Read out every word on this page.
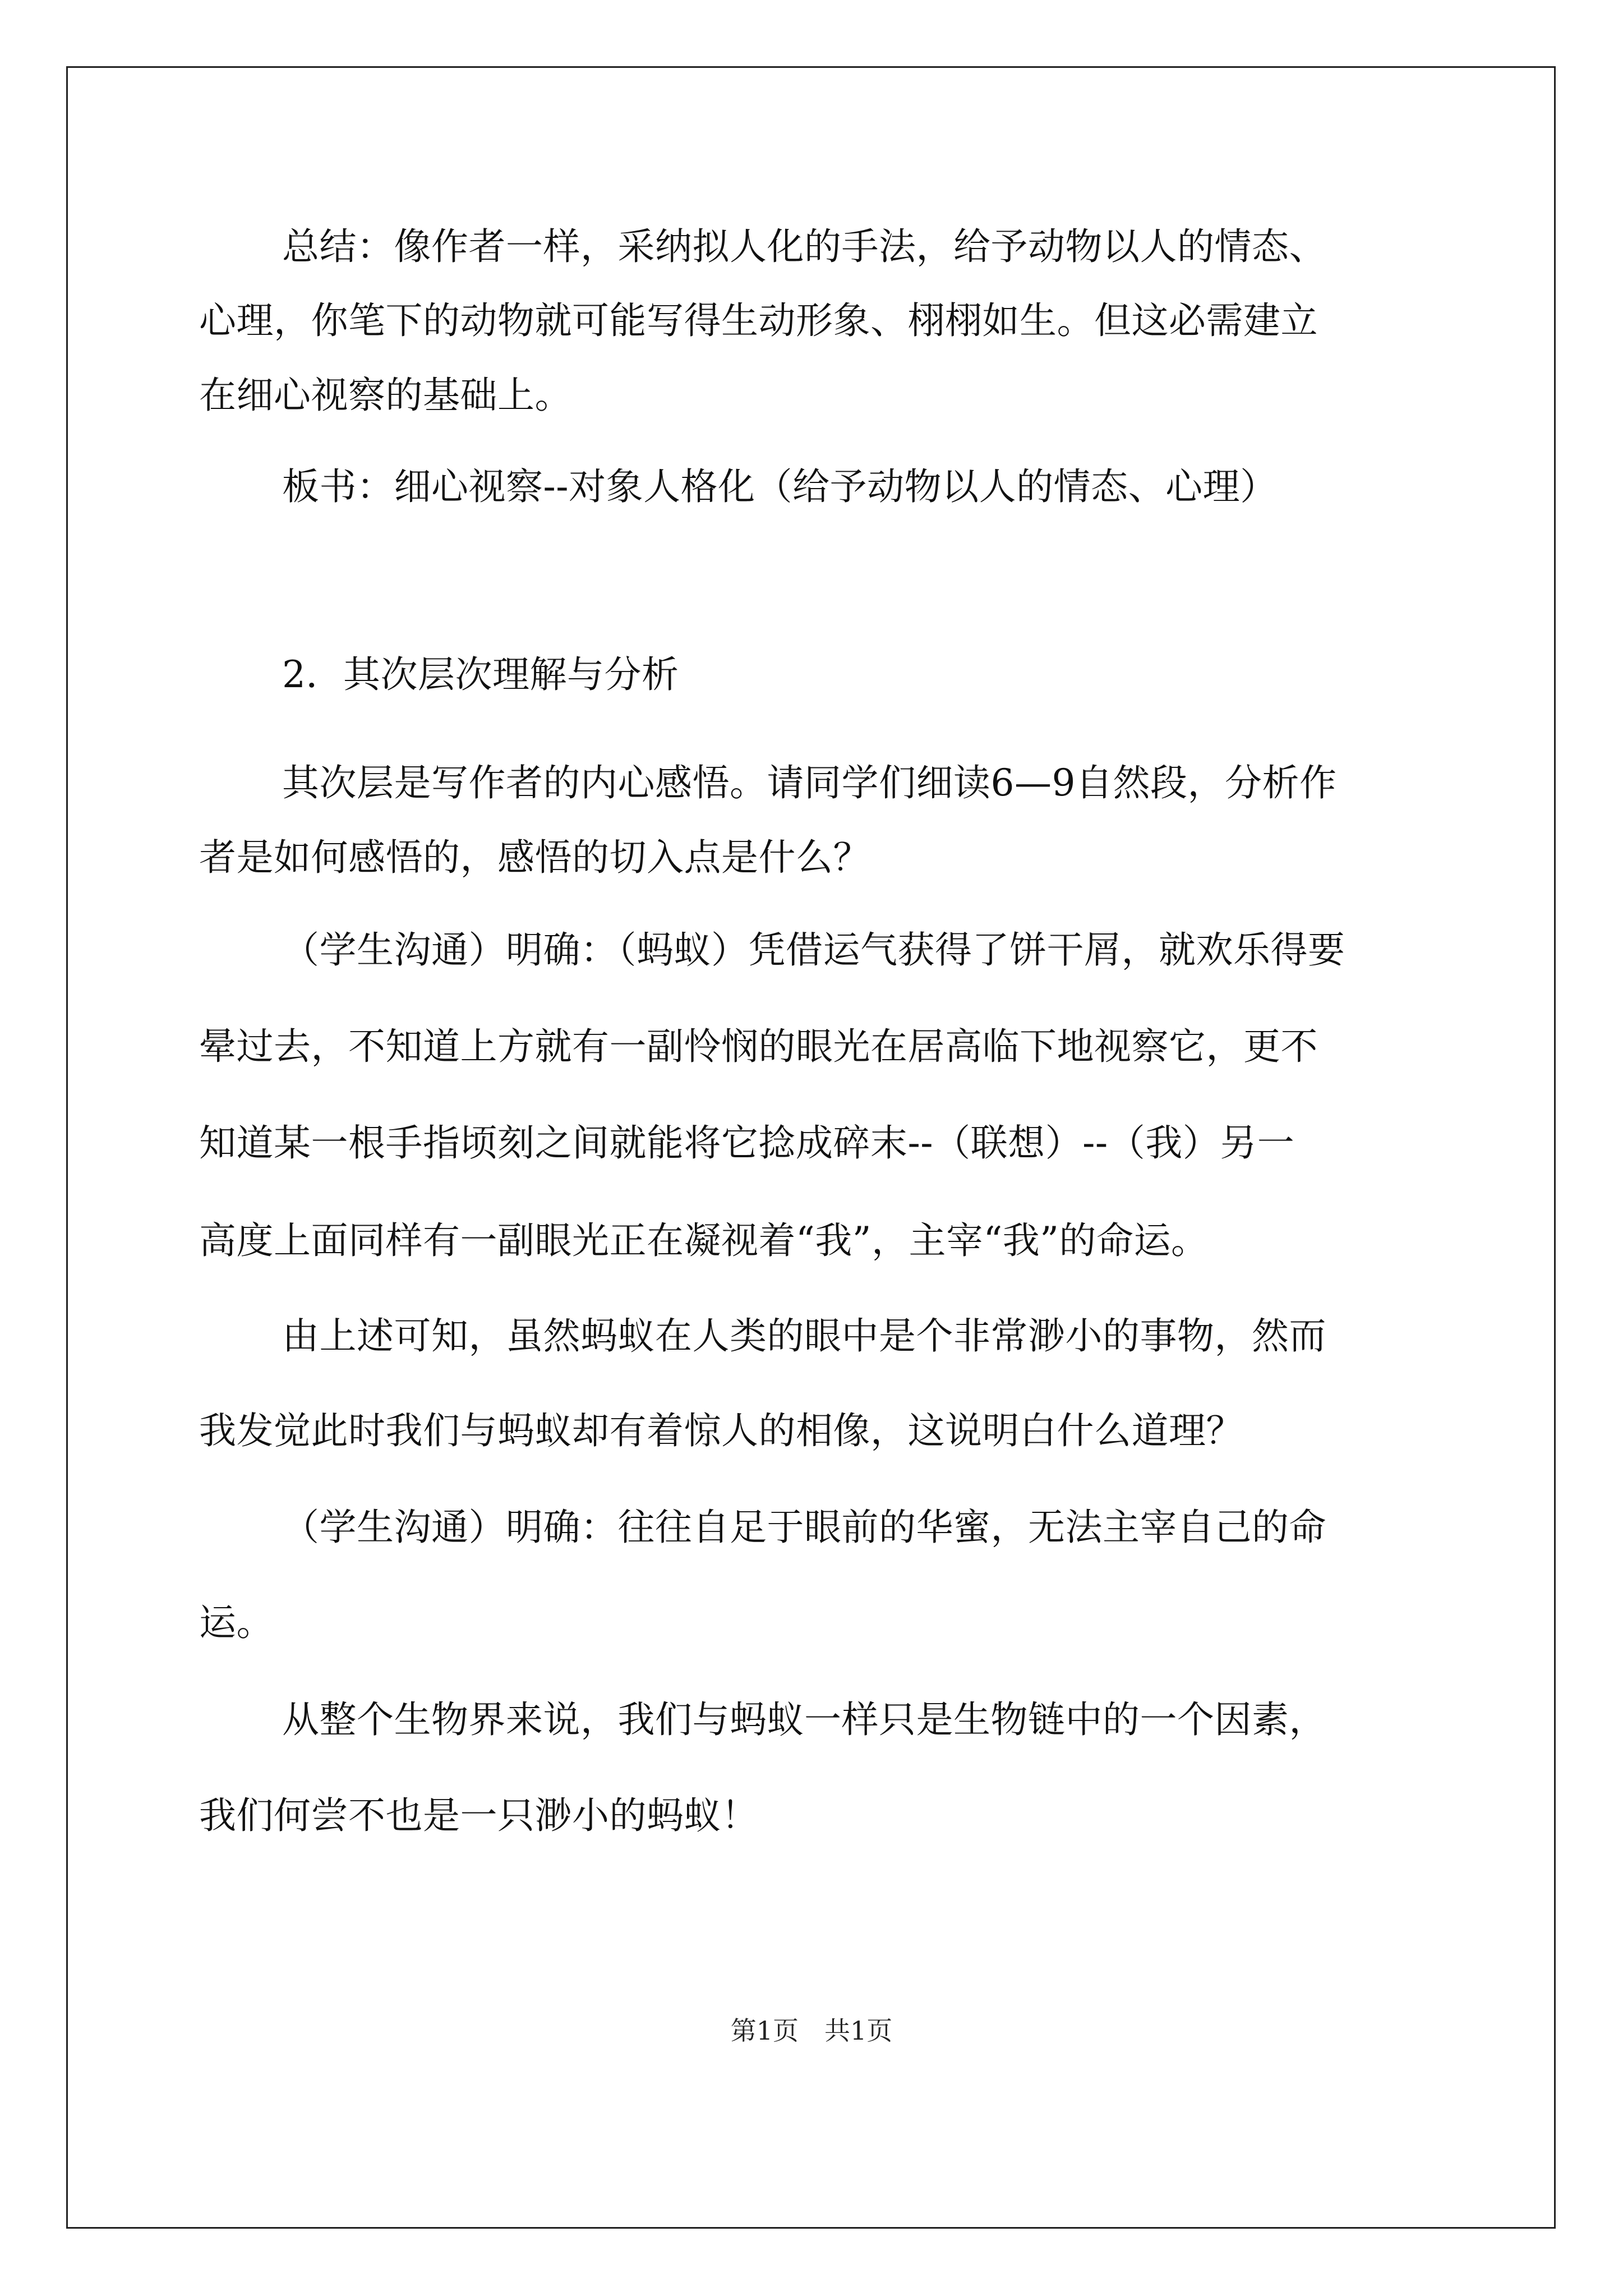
总结：像作者一样，采纳拟人化的手法，给予动物以人的情态、
心理，你笔下的动物就可能写得生动形象、栩栩如生。但这必需建立
在细心视察的基础上。
板书：细心视察--对象人格化（给予动物以人的情态、心理）
2．其次层次理解与分析
其次层是写作者的内心感悟。请同学们细读6—9自然段，分析作
者是如何感悟的，感悟的切入点是什么？
（学生沟通）明确：（蚂蚁）凭借运气获得了饼干屑，就欢乐得要
晕过去，不知道上方就有一副怜悯的眼光在居高临下地视察它，更不
知道某一根手指顷刻之间就能将它捻成碎末--（联想）--（我）另一
高度上面同样有一副眼光正在凝视着“我”，主宰“我”的命运。
由上述可知，虽然蚂蚁在人类的眼中是个非常渺小的事物，然而
我发觉此时我们与蚂蚁却有着惊人的相像，这说明白什么道理？
（学生沟通）明确：往往自足于眼前的华蜜，无法主宰自己的命
运。
从整个生物界来说，我们与蚂蚁一样只是生物链中的一个因素，
我们何尝不也是一只渺小的蚂蚁！
第1页　共1页
